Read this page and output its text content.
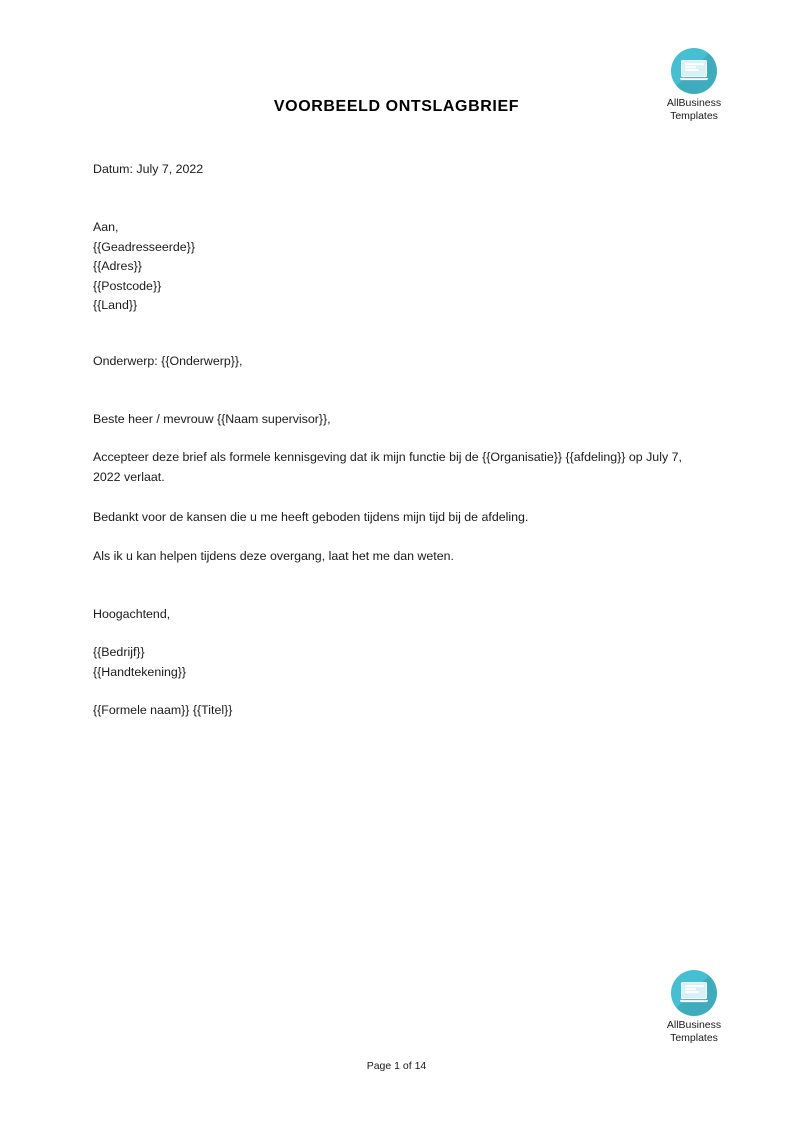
AllBusiness
Templates
VOORBEELD ONTSLAGBRIEF
Datum: July 7, 2022
Aan,
{{Geadresseerde}}
{{Adres}}
{{Postcode}}
{{Land}}
Onderwerp: {{Onderwerp}},
Beste heer / mevrouw {{Naam supervisor}},

Accepteer deze brief als formele kennisgeving dat ik mijn functie bij de {{Organisatie}} {{afdeling}} op July 7, 2022 verlaat.

Bedankt voor de kansen die u me heeft geboden tijdens mijn tijd bij de afdeling.

Als ik u kan helpen tijdens deze overgang, laat het me dan weten.

Hoogachtend,
{{Bedrijf}}
{{Handtekening}}
{{Formele naam}} {{Titel}}
AllBusiness
Templates
Page 1 of 14
